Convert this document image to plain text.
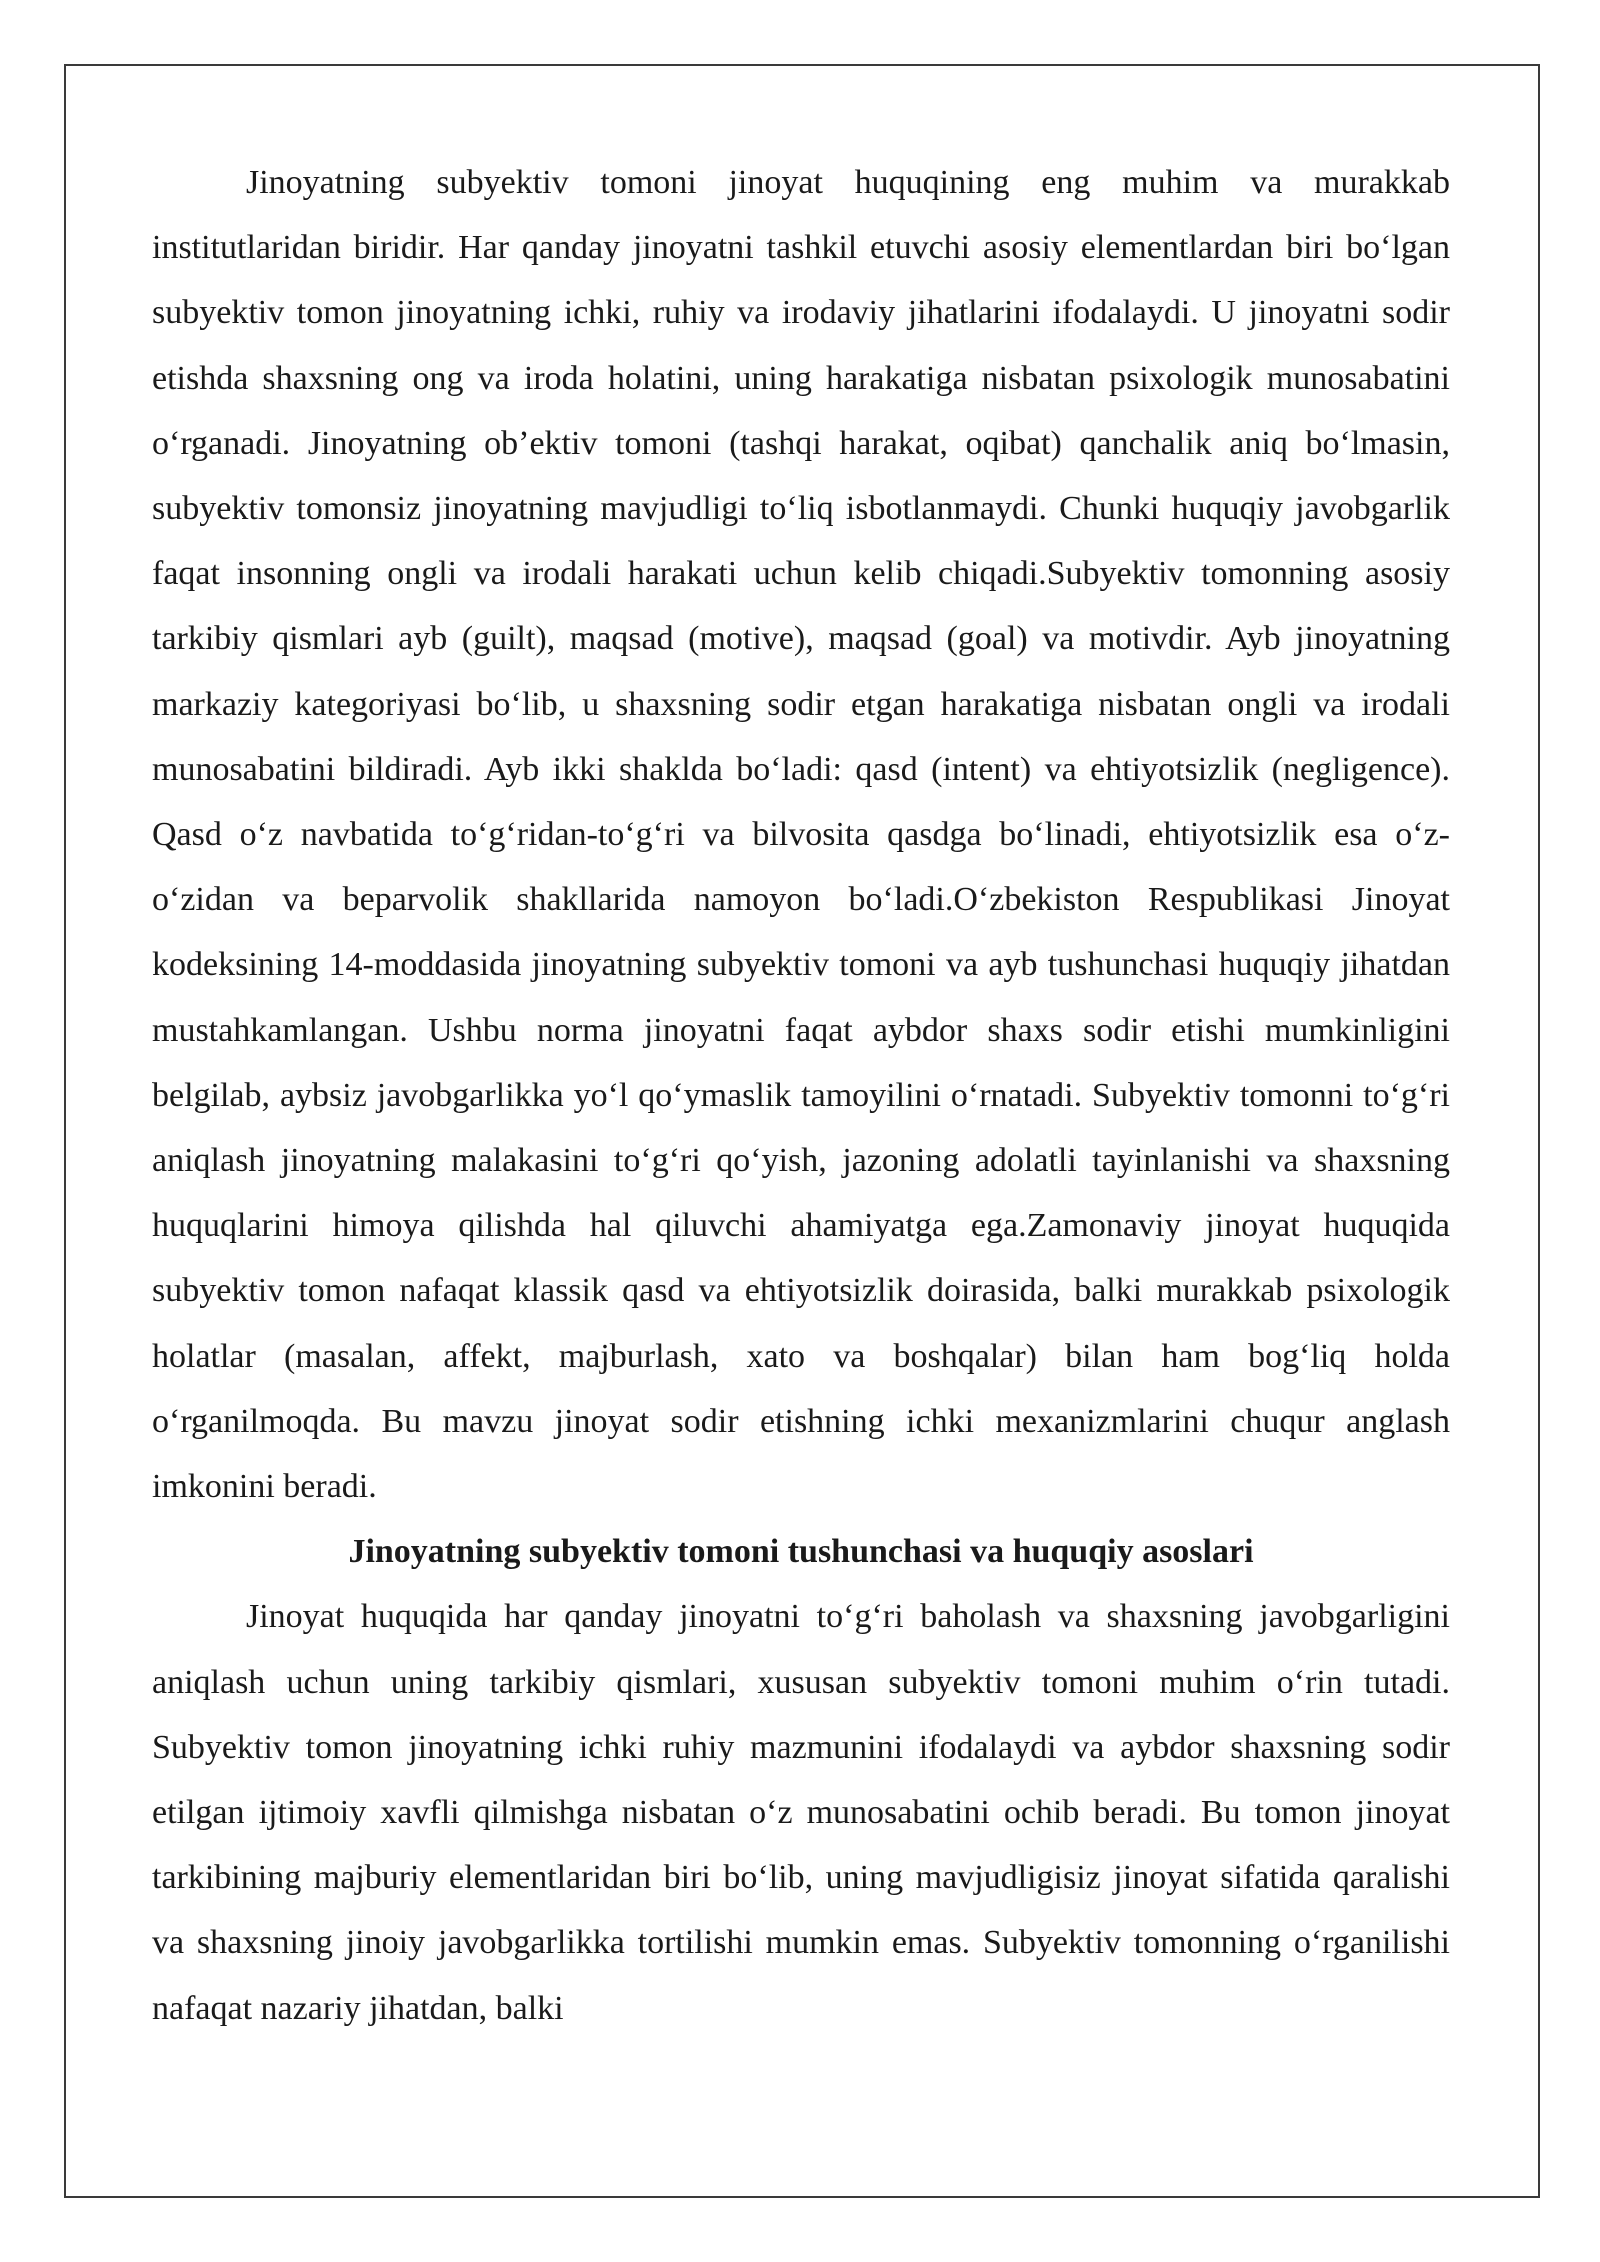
Jinoyatning subyektiv tomoni jinoyat huquqining eng muhim va murakkab institutlaridan biridir. Har qanday jinoyatni tashkil etuvchi asosiy elementlardan biri boʻlgan subyektiv tomon jinoyatning ichki, ruhiy va irodaviy jihatlarini ifodalaydi. U jinoyatni sodir etishda shaxsning ong va iroda holatini, uning harakatiga nisbatan psixologik munosabatini oʻrganadi. Jinoyatning obʼektiv tomoni (tashqi harakat, oqibat) qanchalik aniq boʻlmasin, subyektiv tomonsiz jinoyatning mavjudligi toʻliq isbotlanmaydi. Chunki huquqiy javobgarlik faqat insonning ongli va irodali harakati uchun kelib chiqadi.Subyektiv tomonning asosiy tarkibiy qismlari ayb (guilt), maqsad (motive), maqsad (goal) va motivdir. Ayb jinoyatning markaziy kategoriyasi boʻlib, u shaxsning sodir etgan harakatiga nisbatan ongli va irodali munosabatini bildiradi. Ayb ikki shaklda boʻladi: qasd (intent) va ehtiyotsizlik (negligence). Qasd oʻz navbatida toʻgʻridan-toʻgʻri va bilvosita qasdga boʻlinadi, ehtiyotsizlik esa oʻz-oʻzidan va beparvolik shakllarida namoyon boʻladi.Oʻzbekiston Respublikasi Jinoyat kodeksining 14-moddasida jinoyatning subyektiv tomoni va ayb tushunchasi huquqiy jihatdan mustahkamlangan. Ushbu norma jinoyatni faqat aybdor shaxs sodir etishi mumkinligini belgilab, aybsiz javobgarlikka yoʻl qoʻymaslik tamoyilini oʻrnatadi. Subyektiv tomonni toʻgʻri aniqlash jinoyatning malakasini toʻgʻri qoʻyish, jazoning adolatli tayinlanishi va shaxsning huquqlarini himoya qilishda hal qiluvchi ahamiyatga ega.Zamonaviy jinoyat huquqida subyektiv tomon nafaqat klassik qasd va ehtiyotsizlik doirasida, balki murakkab psixologik holatlar (masalan, affekt, majburlash, xato va boshqalar) bilan ham bogʻliq holda oʻrganilmoqda. Bu mavzu jinoyat sodir etishning ichki mexanizmlarini chuqur anglash imkonini beradi.

Jinoyatning subyektiv tomoni tushunchasi va huquqiy asoslari

Jinoyat huquqida har qanday jinoyatni toʻgʻri baholash va shaxsning javobgarligini aniqlash uchun uning tarkibiy qismlari, xususan subyektiv tomoni muhim oʻrin tutadi. Subyektiv tomon jinoyatning ichki ruhiy mazmunini ifodalaydi va aybdor shaxsning sodir etilgan ijtimoiy xavfli qilmishga nisbatan oʻz munosabatini ochib beradi. Bu tomon jinoyat tarkibining majburiy elementlaridan biri boʻlib, uning mavjudligisiz jinoyat sifatida qaralishi va shaxsning jinoiy javobgarlikka tortilishi mumkin emas. Subyektiv tomonning oʻrganilishi nafaqat nazariy jihatdan, balki
